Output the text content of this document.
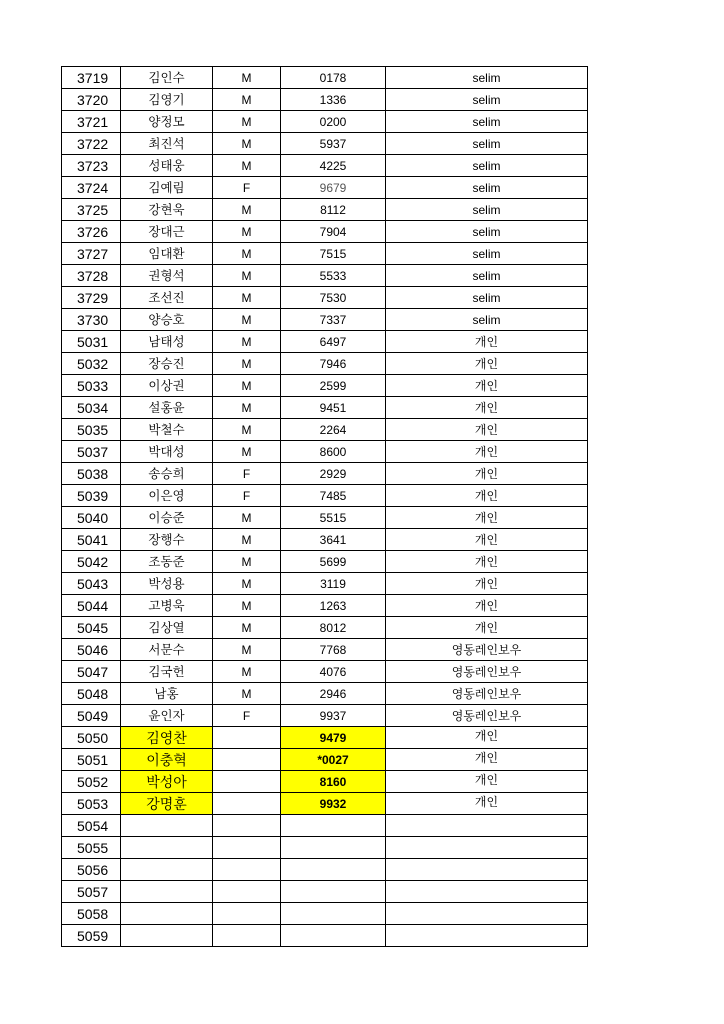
3719	김인수	M	0178	selim
3720	김영기	M	1336	selim
3721	양정모	M	0200	selim
3722	최진석	M	5937	selim
3723	성태웅	M	4225	selim
3724	김예림	F	9679	selim
3725	강현욱	M	8112	selim
3726	장대근	M	7904	selim
3727	임대환	M	7515	selim
3728	권형석	M	5533	selim
3729	조선진	M	7530	selim
3730	양승호	M	7337	selim
5031	남태성	M	6497	개인
5032	장승진	M	7946	개인
5033	이상권	M	2599	개인
5034	설홍윤	M	9451	개인
5035	박철수	M	2264	개인
5037	박대성	M	8600	개인
5038	송승희	F	2929	개인
5039	이은영	F	7485	개인
5040	이승준	M	5515	개인
5041	장행수	M	3641	개인
5042	조동준	M	5699	개인
5043	박성용	M	3119	개인
5044	고병욱	M	1263	개인
5045	김상열	M	8012	개인
5046	서문수	M	7768	영동레인보우
5047	김국헌	M	4076	영동레인보우
5048	남홍	M	2946	영동레인보우
5049	윤인자	F	9937	영동레인보우
5050	김영찬		9479	개인
5051	이충혁		*0027	개인
5052	박성아		8160	개인
5053	강명훈		9932	개인
5054				
5055				
5056				
5057				
5058				
5059				
